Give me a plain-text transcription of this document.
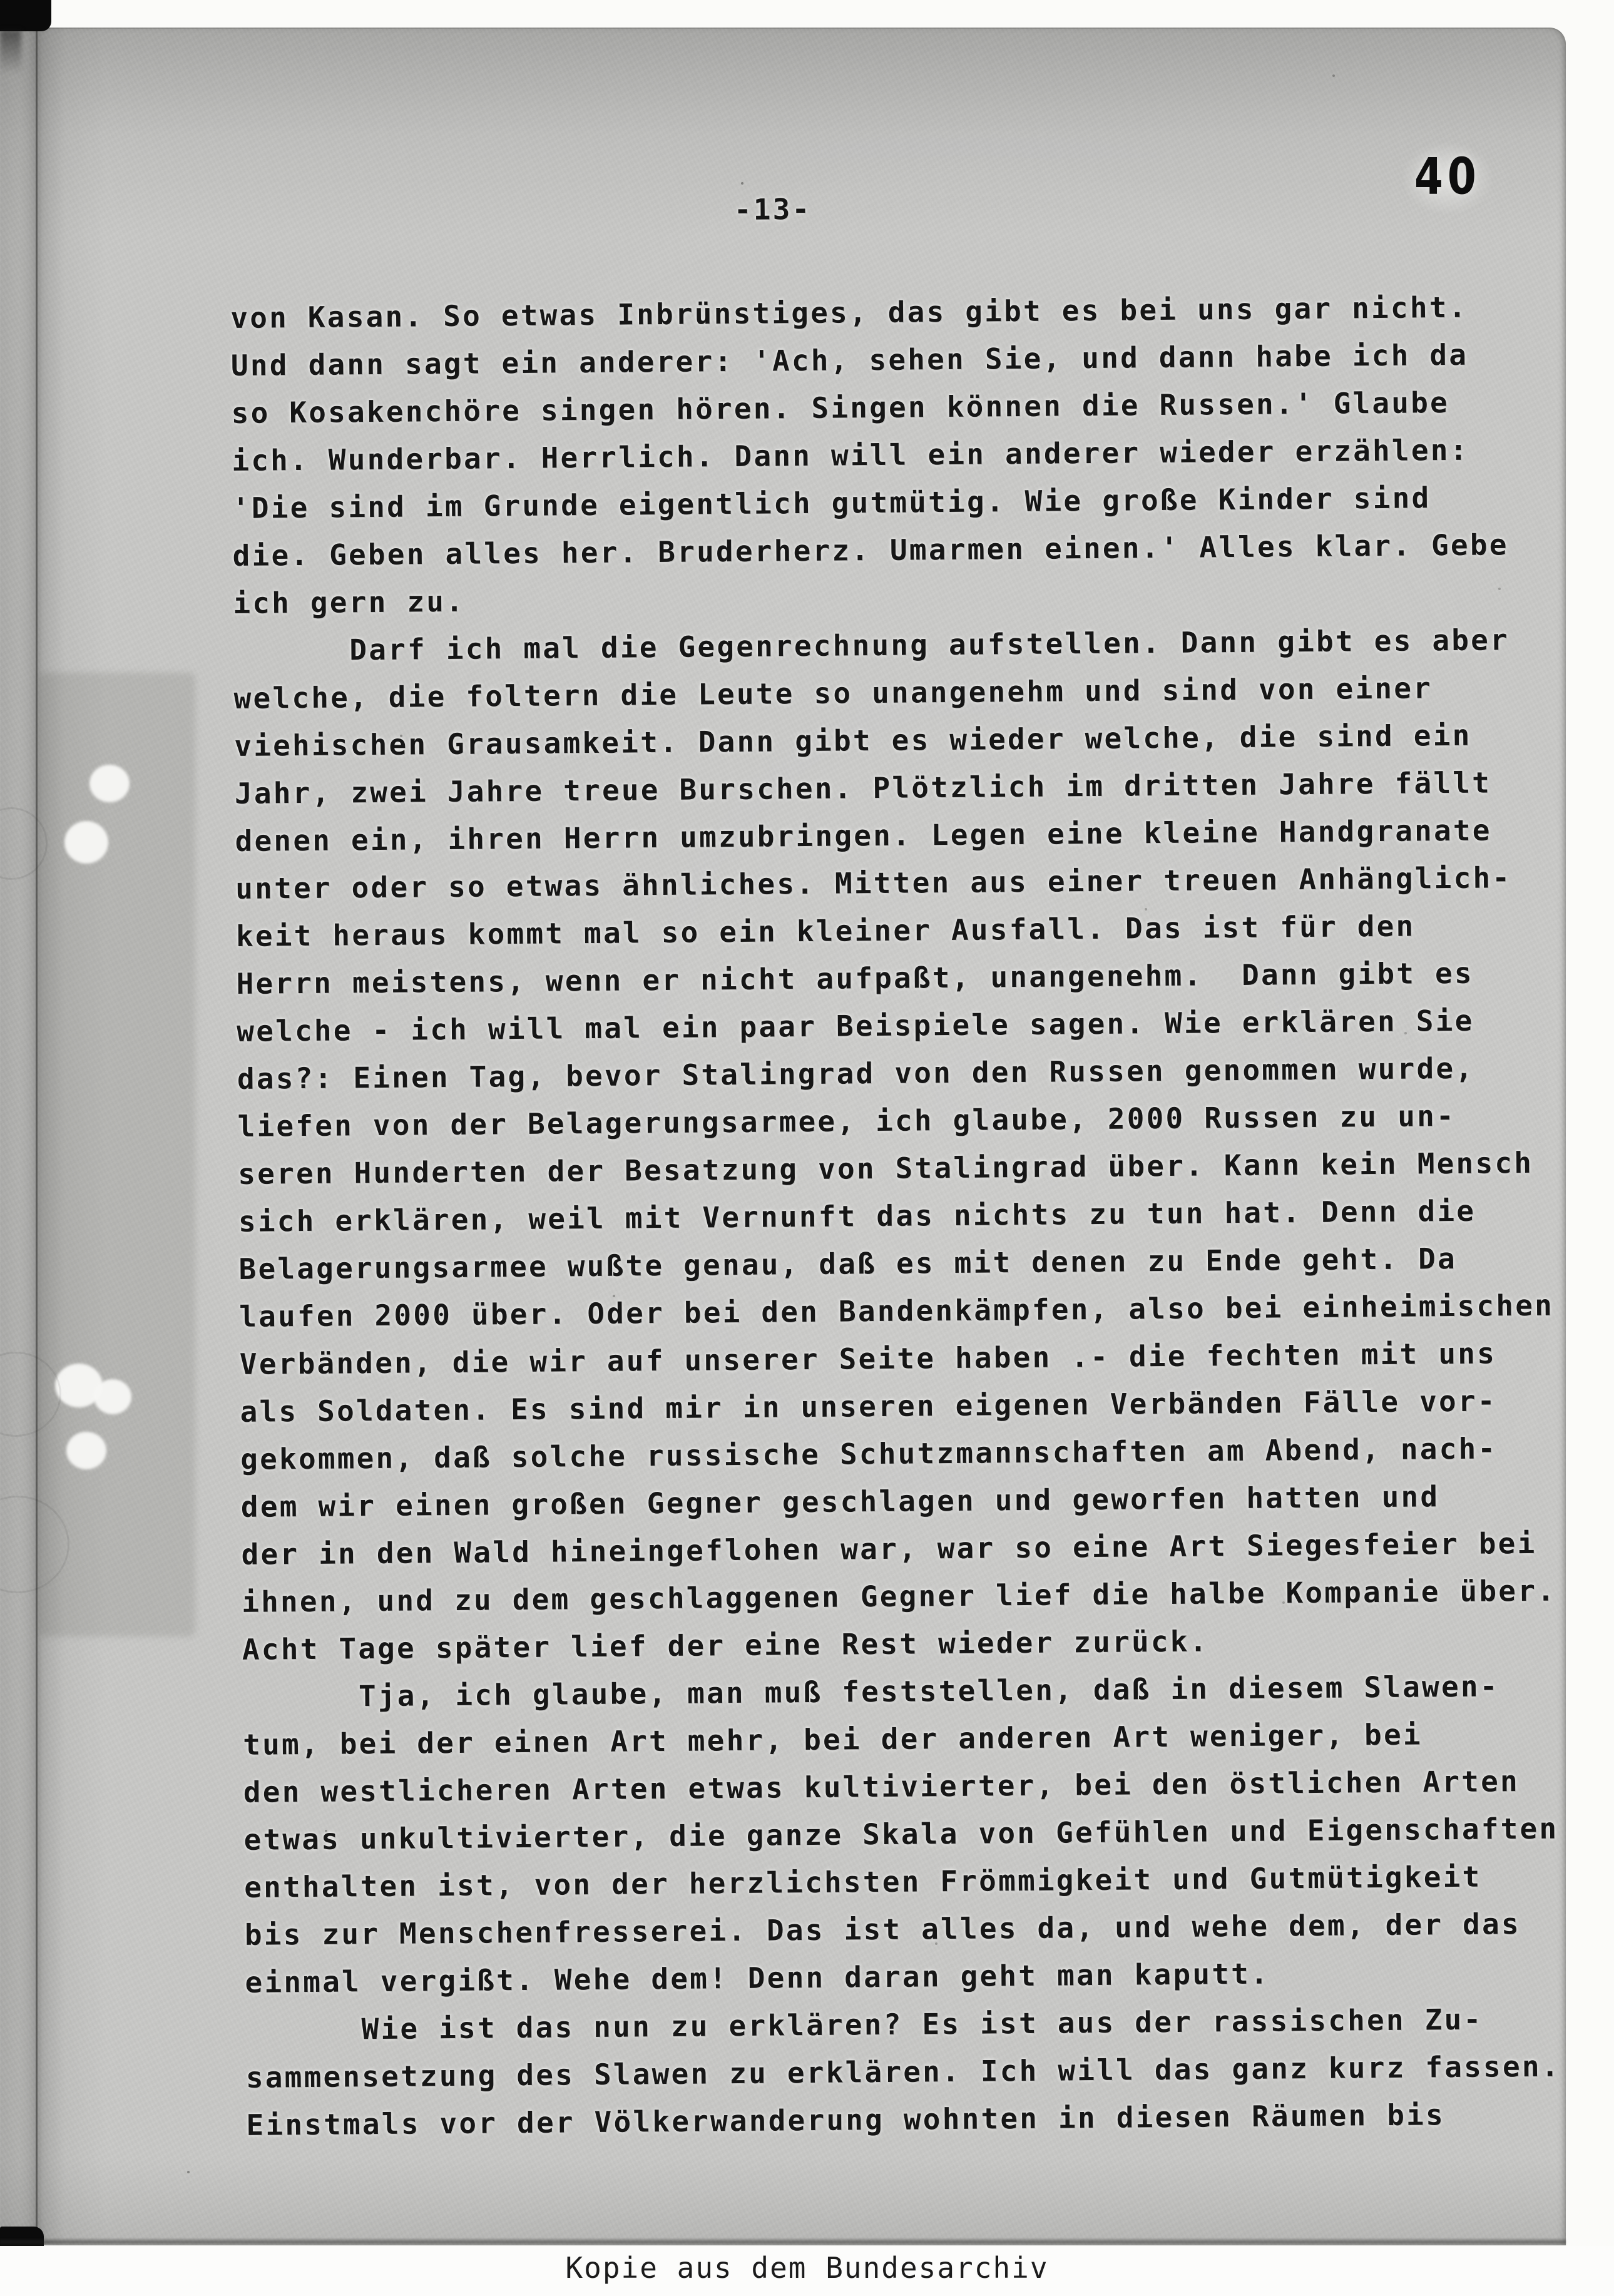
40
-13-
von Kasan. So etwas Inbrünstiges, das gibt es bei uns gar nicht.
Und dann sagt ein anderer: 'Ach, sehen Sie, und dann habe ich da
so Kosakenchöre singen hören. Singen können die Russen.' Glaube
ich. Wunderbar. Herrlich. Dann will ein anderer wieder erzählen:
'Die sind im Grunde eigentlich gutmütig. Wie große Kinder sind
die. Geben alles her. Bruderherz. Umarmen einen.' Alles klar. Gebe
ich gern zu.
Darf ich mal die Gegenrechnung aufstellen. Dann gibt es aber
welche, die foltern die Leute so unangenehm und sind von einer
viehischen Grausamkeit. Dann gibt es wieder welche, die sind ein
Jahr, zwei Jahre treue Burschen. Plötzlich im dritten Jahre fällt
denen ein, ihren Herrn umzubringen. Legen eine kleine Handgranate
unter oder so etwas ähnliches. Mitten aus einer treuen Anhänglich-
keit heraus kommt mal so ein kleiner Ausfall. Das ist für den
Herrn meistens, wenn er nicht aufpaßt, unangenehm.  Dann gibt es
welche - ich will mal ein paar Beispiele sagen. Wie erklären Sie
das?: Einen Tag, bevor Stalingrad von den Russen genommen wurde,
liefen von der Belagerungsarmee, ich glaube, 2000 Russen zu un-
seren Hunderten der Besatzung von Stalingrad über. Kann kein Mensch
sich erklären, weil mit Vernunft das nichts zu tun hat. Denn die
Belagerungsarmee wußte genau, daß es mit denen zu Ende geht. Da
laufen 2000 über. Oder bei den Bandenkämpfen, also bei einheimischen
Verbänden, die wir auf unserer Seite haben .- die fechten mit uns
als Soldaten. Es sind mir in unseren eigenen Verbänden Fälle vor-
gekommen, daß solche russische Schutzmannschaften am Abend, nach-
dem wir einen großen Gegner geschlagen und geworfen hatten und
der in den Wald hineingeflohen war, war so eine Art Siegesfeier bei
ihnen, und zu dem geschlaggenen Gegner lief die halbe Kompanie über.
Acht Tage später lief der eine Rest wieder zurück.
Tja, ich glaube, man muß feststellen, daß in diesem Slawen-
tum, bei der einen Art mehr, bei der anderen Art weniger, bei
den westlicheren Arten etwas kultivierter, bei den östlichen Arten
etwas unkultivierter, die ganze Skala von Gefühlen und Eigenschaften
enthalten ist, von der herzlichsten Frömmigkeit und Gutmütigkeit
bis zur Menschenfresserei. Das ist alles da, und wehe dem, der das
einmal vergißt. Wehe dem! Denn daran geht man kaputt.
Wie ist das nun zu erklären? Es ist aus der rassischen Zu-
sammensetzung des Slawen zu erklären. Ich will das ganz kurz fassen.
Einstmals vor der Völkerwanderung wohnten in diesen Räumen bis
Kopie aus dem Bundesarchiv
